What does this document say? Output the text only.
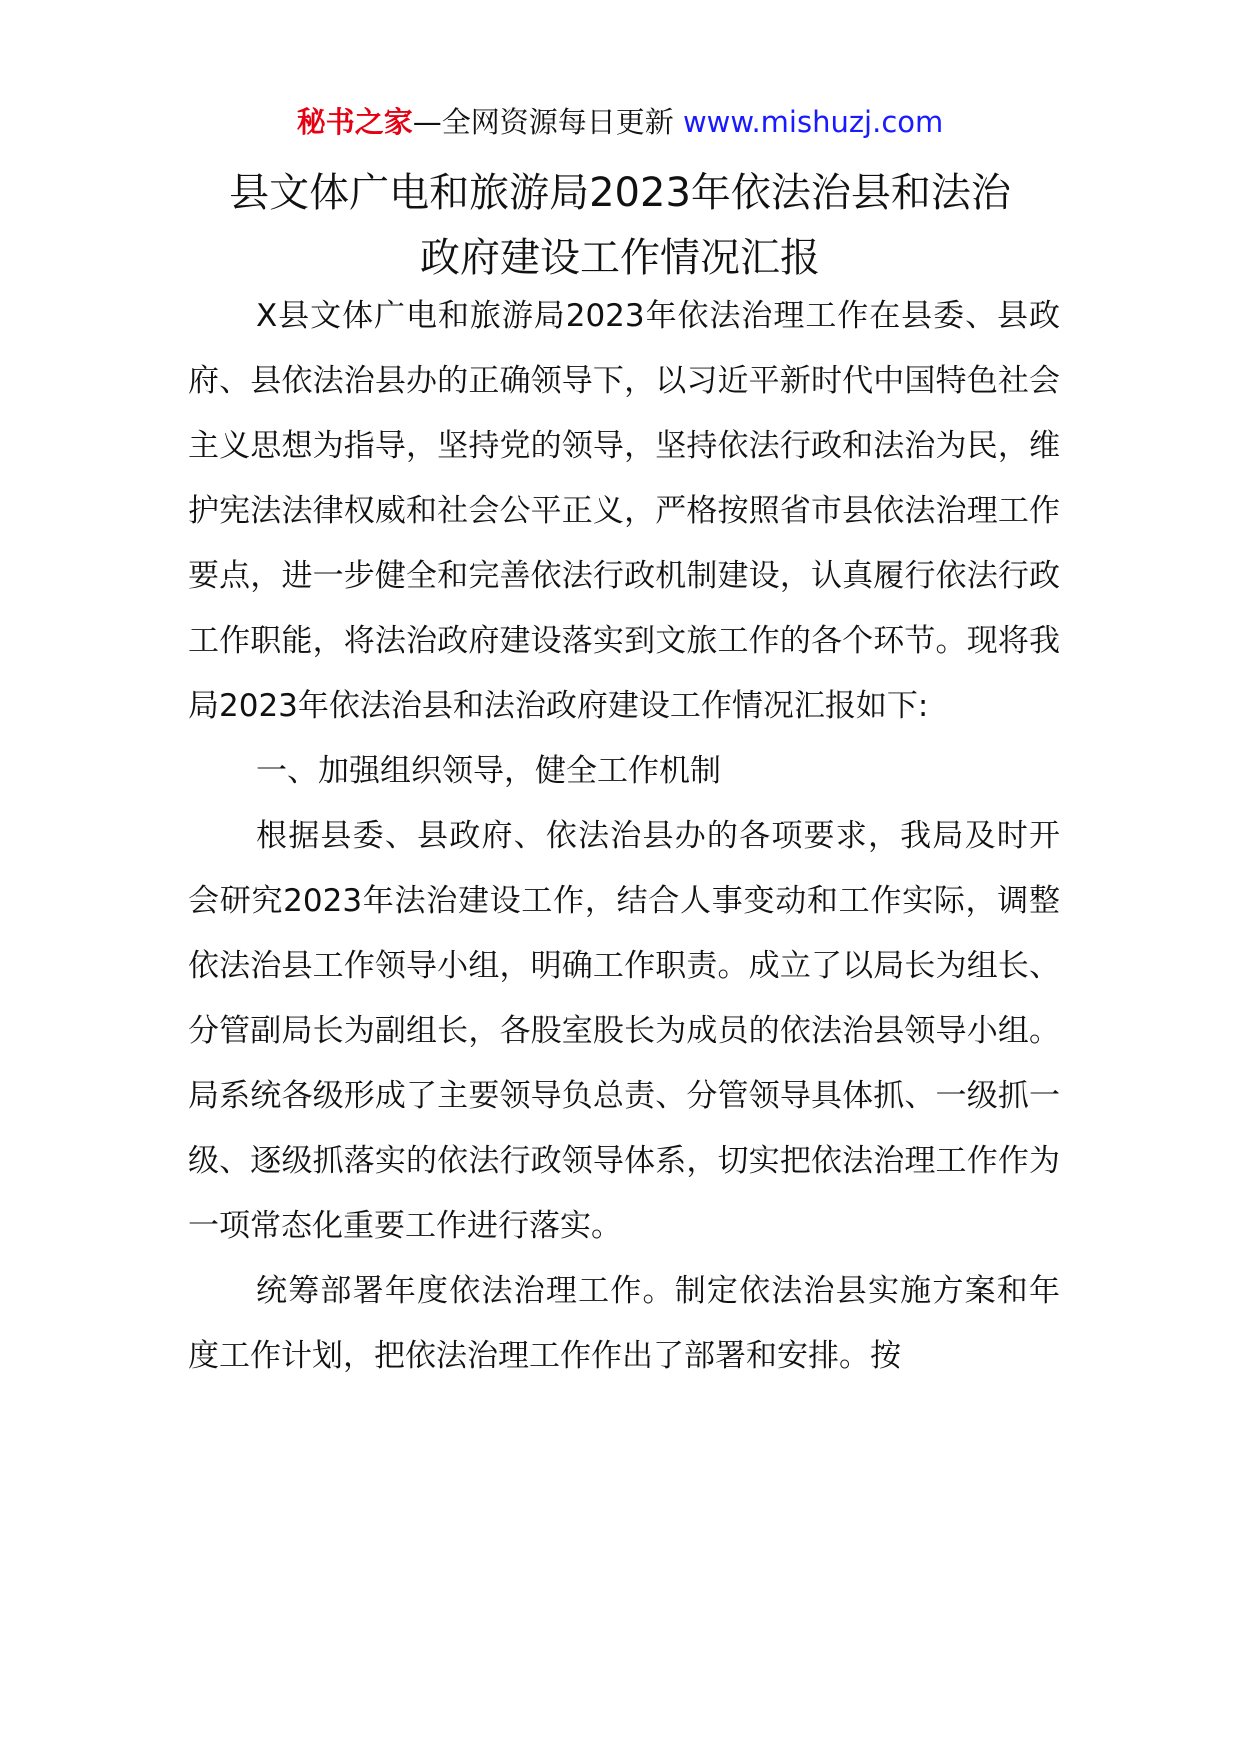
秘书之家—全网资源每日更新 www.mishuzj.com
县文体广电和旅游局2023年依法治县和法治
政府建设工作情况汇报

X县文体广电和旅游局2023年依法治理工作在县委、县政府、县依法治县办的正确领导下，以习近平新时代中国特色社会主义思想为指导，坚持党的领导，坚持依法行政和法治为民，维护宪法法律权威和社会公平正义，严格按照省市县依法治理工作要点，进一步健全和完善依法行政机制建设，认真履行依法行政工作职能，将法治政府建设落实到文旅工作的各个环节。现将我局2023年依法治县和法治政府建设工作情况汇报如下:

一、加强组织领导，健全工作机制

根据县委、县政府、依法治县办的各项要求，我局及时开会研究2023年法治建设工作，结合人事变动和工作实际，调整依法治县工作领导小组，明确工作职责。成立了以局长为组长、分管副局长为副组长，各股室股长为成员的依法治县领导小组。局系统各级形成了主要领导负总责、分管领导具体抓、一级抓一级、逐级抓落实的依法行政领导体系，切实把依法治理工作作为一项常态化重要工作进行落实。

统筹部署年度依法治理工作。制定依法治县实施方案和年度工作计划，把依法治理工作作出了部署和安排。按
